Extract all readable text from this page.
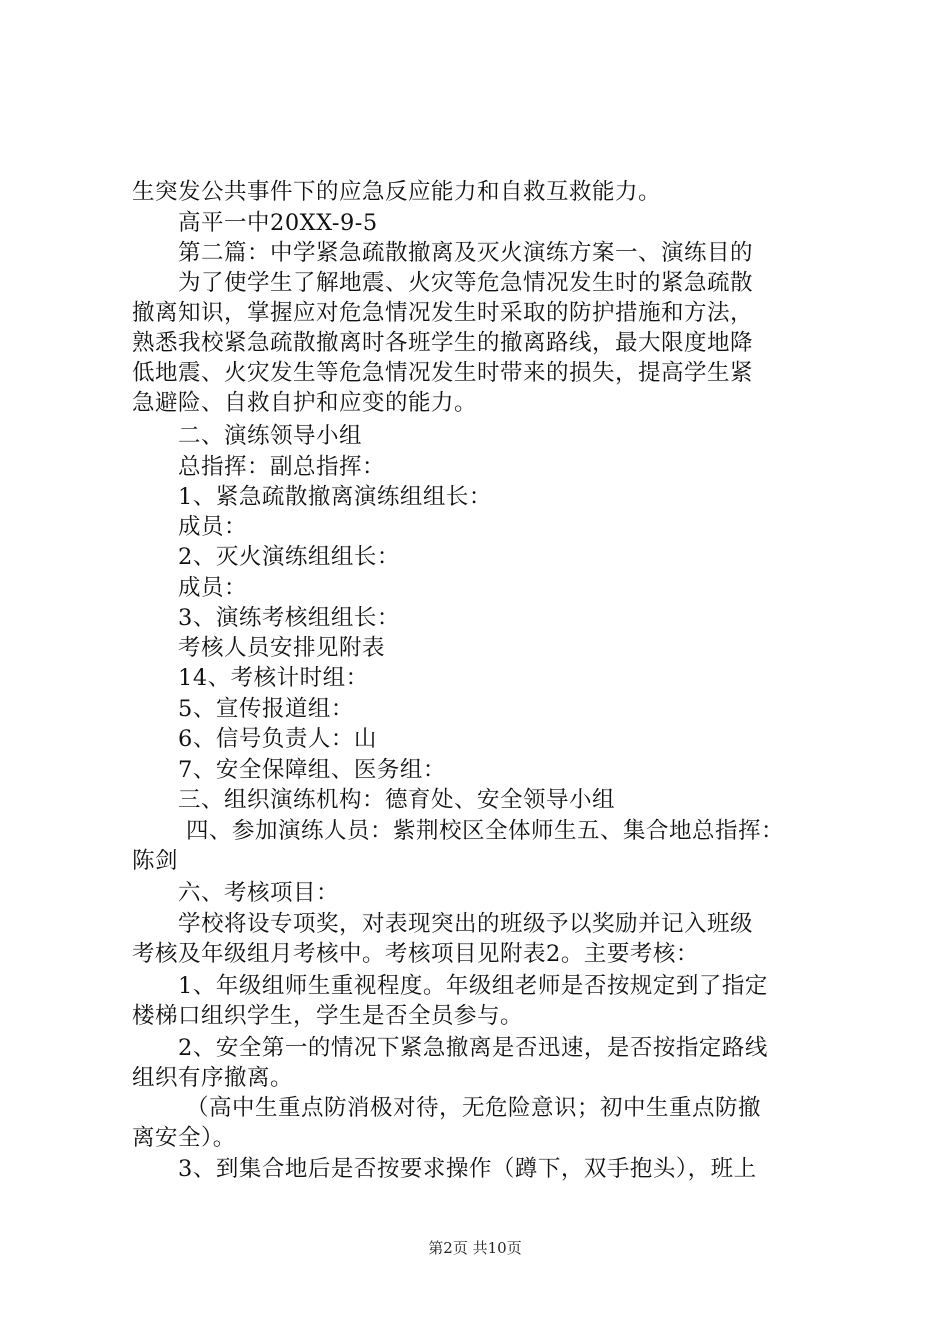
生突发公共事件下的应急反应能力和自救互救能力。
高平一中20XX-9-5
第二篇：中学紧急疏散撤离及灭火演练方案一、演练目的
为了使学生了解地震、火灾等危急情况发生时的紧急疏散
撤离知识，掌握应对危急情况发生时采取的防护措施和方法，
熟悉我校紧急疏散撤离时各班学生的撤离路线，最大限度地降
低地震、火灾发生等危急情况发生时带来的损失，提高学生紧
急避险、自救自护和应变的能力。
二、演练领导小组
总指挥：副总指挥：
1、紧急疏散撤离演练组组长：
成员：
2、灭火演练组组长：
成员：
3、演练考核组组长：
考核人员安排见附表
14、考核计时组：
5、宣传报道组：
6、信号负责人：山
7、安全保障组、医务组：
三、组织演练机构：德育处、安全领导小组
四、参加演练人员：紫荆校区全体师生五、集合地总指挥：
陈剑
六、考核项目：
学校将设专项奖，对表现突出的班级予以奖励并记入班级
考核及年级组月考核中。考核项目见附表2。主要考核：
1、年级组师生重视程度。年级组老师是否按规定到了指定
楼梯口组织学生，学生是否全员参与。
2、安全第一的情况下紧急撤离是否迅速，是否按指定路线
组织有序撤离。
（高中生重点防消极对待，无危险意识；初中生重点防撤
离安全）。
3、到集合地后是否按要求操作（蹲下，双手抱头），班上
第2页 共10页
